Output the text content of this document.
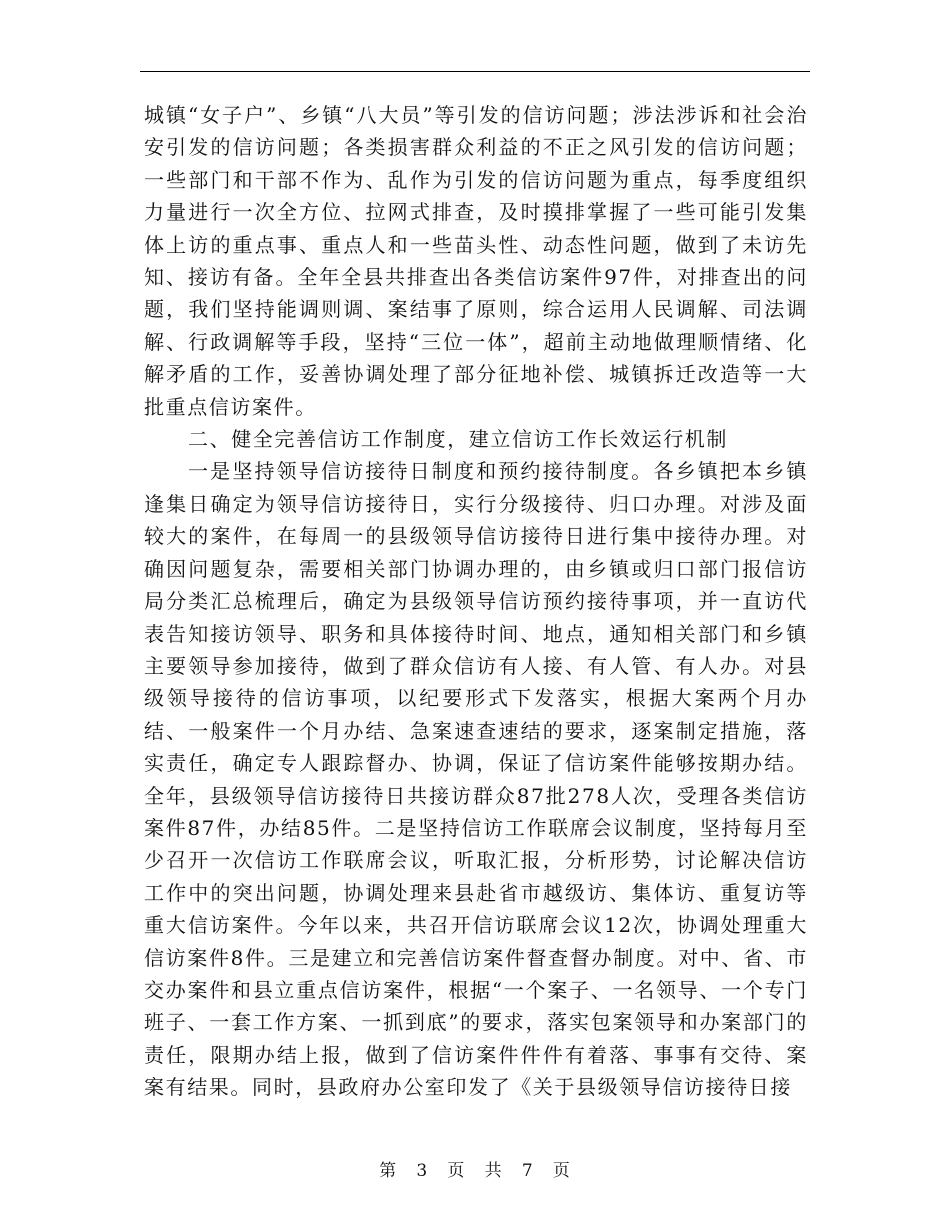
城镇“女子户”、乡镇“八大员”等引发的信访问题；涉法涉诉和社会治安引发的信访问题；各类损害群众利益的不正之风引发的信访问题；一些部门和干部不作为、乱作为引发的信访问题为重点，每季度组织力量进行一次全方位、拉网式排查，及时摸排掌握了一些可能引发集体上访的重点事、重点人和一些苗头性、动态性问题，做到了未访先知、接访有备。全年全县共排查出各类信访案件97件，对排查出的问题，我们坚持能调则调、案结事了原则，综合运用人民调解、司法调解、行政调解等手段，坚持“三位一体”，超前主动地做理顺情绪、化解矛盾的工作，妥善协调处理了部分征地补偿、城镇拆迁改造等一大批重点信访案件。

二、健全完善信访工作制度，建立信访工作长效运行机制

一是坚持领导信访接待日制度和预约接待制度。各乡镇把本乡镇逢集日确定为领导信访接待日，实行分级接待、归口办理。对涉及面较大的案件，在每周一的县级领导信访接待日进行集中接待办理。对确因问题复杂，需要相关部门协调办理的，由乡镇或归口部门报信访局分类汇总梳理后，确定为县级领导信访预约接待事项，并一直访代表告知接访领导、职务和具体接待时间、地点，通知相关部门和乡镇主要领导参加接待，做到了群众信访有人接、有人管、有人办。对县级领导接待的信访事项，以纪要形式下发落实，根据大案两个月办结、一般案件一个月办结、急案速查速结的要求，逐案制定措施，落实责任，确定专人跟踪督办、协调，保证了信访案件能够按期办结。全年，县级领导信访接待日共接访群众87批278人次，受理各类信访案件87件，办结85件。二是坚持信访工作联席会议制度，坚持每月至少召开一次信访工作联席会议，听取汇报，分析形势，讨论解决信访工作中的突出问题，协调处理来县赴省市越级访、集体访、重复访等重大信访案件。今年以来，共召开信访联席会议12次，协调处理重大信访案件8件。三是建立和完善信访案件督查督办制度。对中、省、市交办案件和县立重点信访案件，根据“一个案子、一名领导、一个专门班子、一套工作方案、一抓到底”的要求，落实包案领导和办案部门的责任，限期办结上报，做到了信访案件件件有着落、事事有交待、案案有结果。同时，县政府办公室印发了《关于县级领导信访接待日接

第 3 页 共 7 页
